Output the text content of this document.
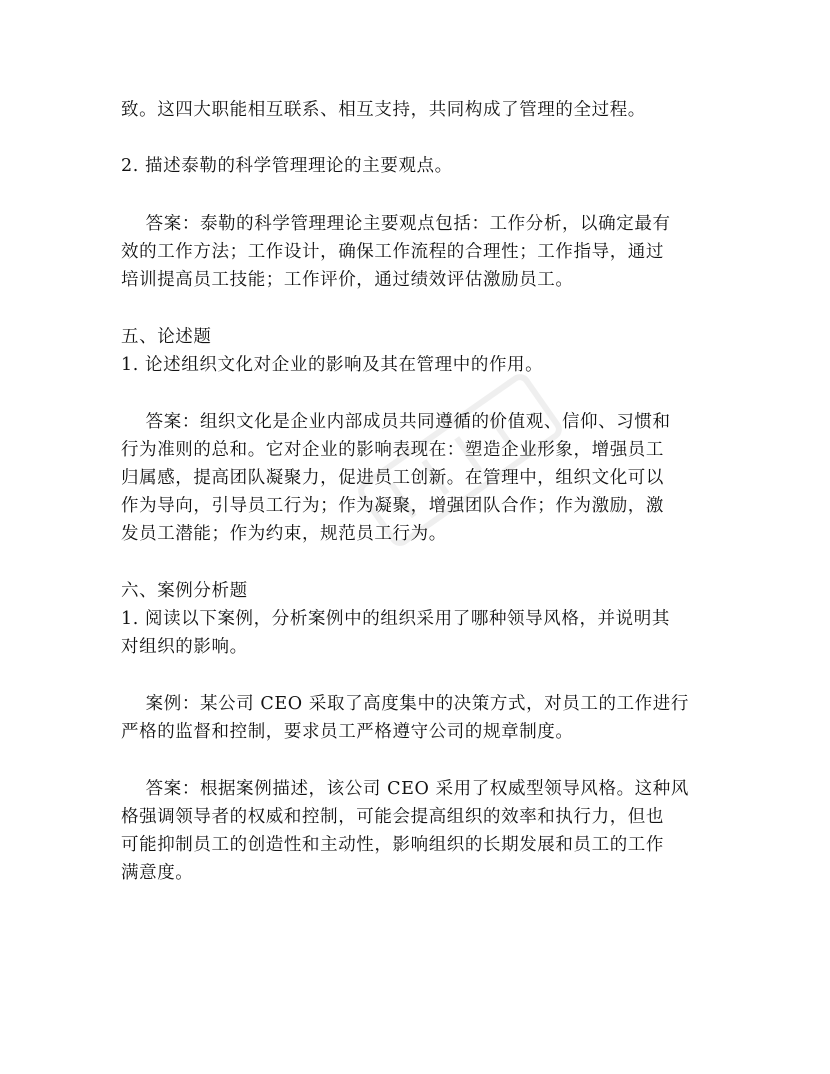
致。这四大职能相互联系、相互支持，共同构成了管理的全过程。
2. 描述泰勒的科学管理理论的主要观点。
答案：泰勒的科学管理理论主要观点包括：工作分析，以确定最有
效的工作方法；工作设计，确保工作流程的合理性；工作指导，通过
培训提高员工技能；工作评价，通过绩效评估激励员工。
五、论述题
1. 论述组织文化对企业的影响及其在管理中的作用。
答案：组织文化是企业内部成员共同遵循的价值观、信仰、习惯和
行为准则的总和。它对企业的影响表现在：塑造企业形象，增强员工
归属感，提高团队凝聚力，促进员工创新。在管理中，组织文化可以
作为导向，引导员工行为；作为凝聚，增强团队合作；作为激励，激
发员工潜能；作为约束，规范员工行为。
六、案例分析题
1. 阅读以下案例，分析案例中的组织采用了哪种领导风格，并说明其
对组织的影响。
案例：某公司 CEO 采取了高度集中的决策方式，对员工的工作进行
严格的监督和控制，要求员工严格遵守公司的规章制度。
答案：根据案例描述，该公司 CEO 采用了权威型领导风格。这种风
格强调领导者的权威和控制，可能会提高组织的效率和执行力，但也
可能抑制员工的创造性和主动性，影响组织的长期发展和员工的工作
满意度。
